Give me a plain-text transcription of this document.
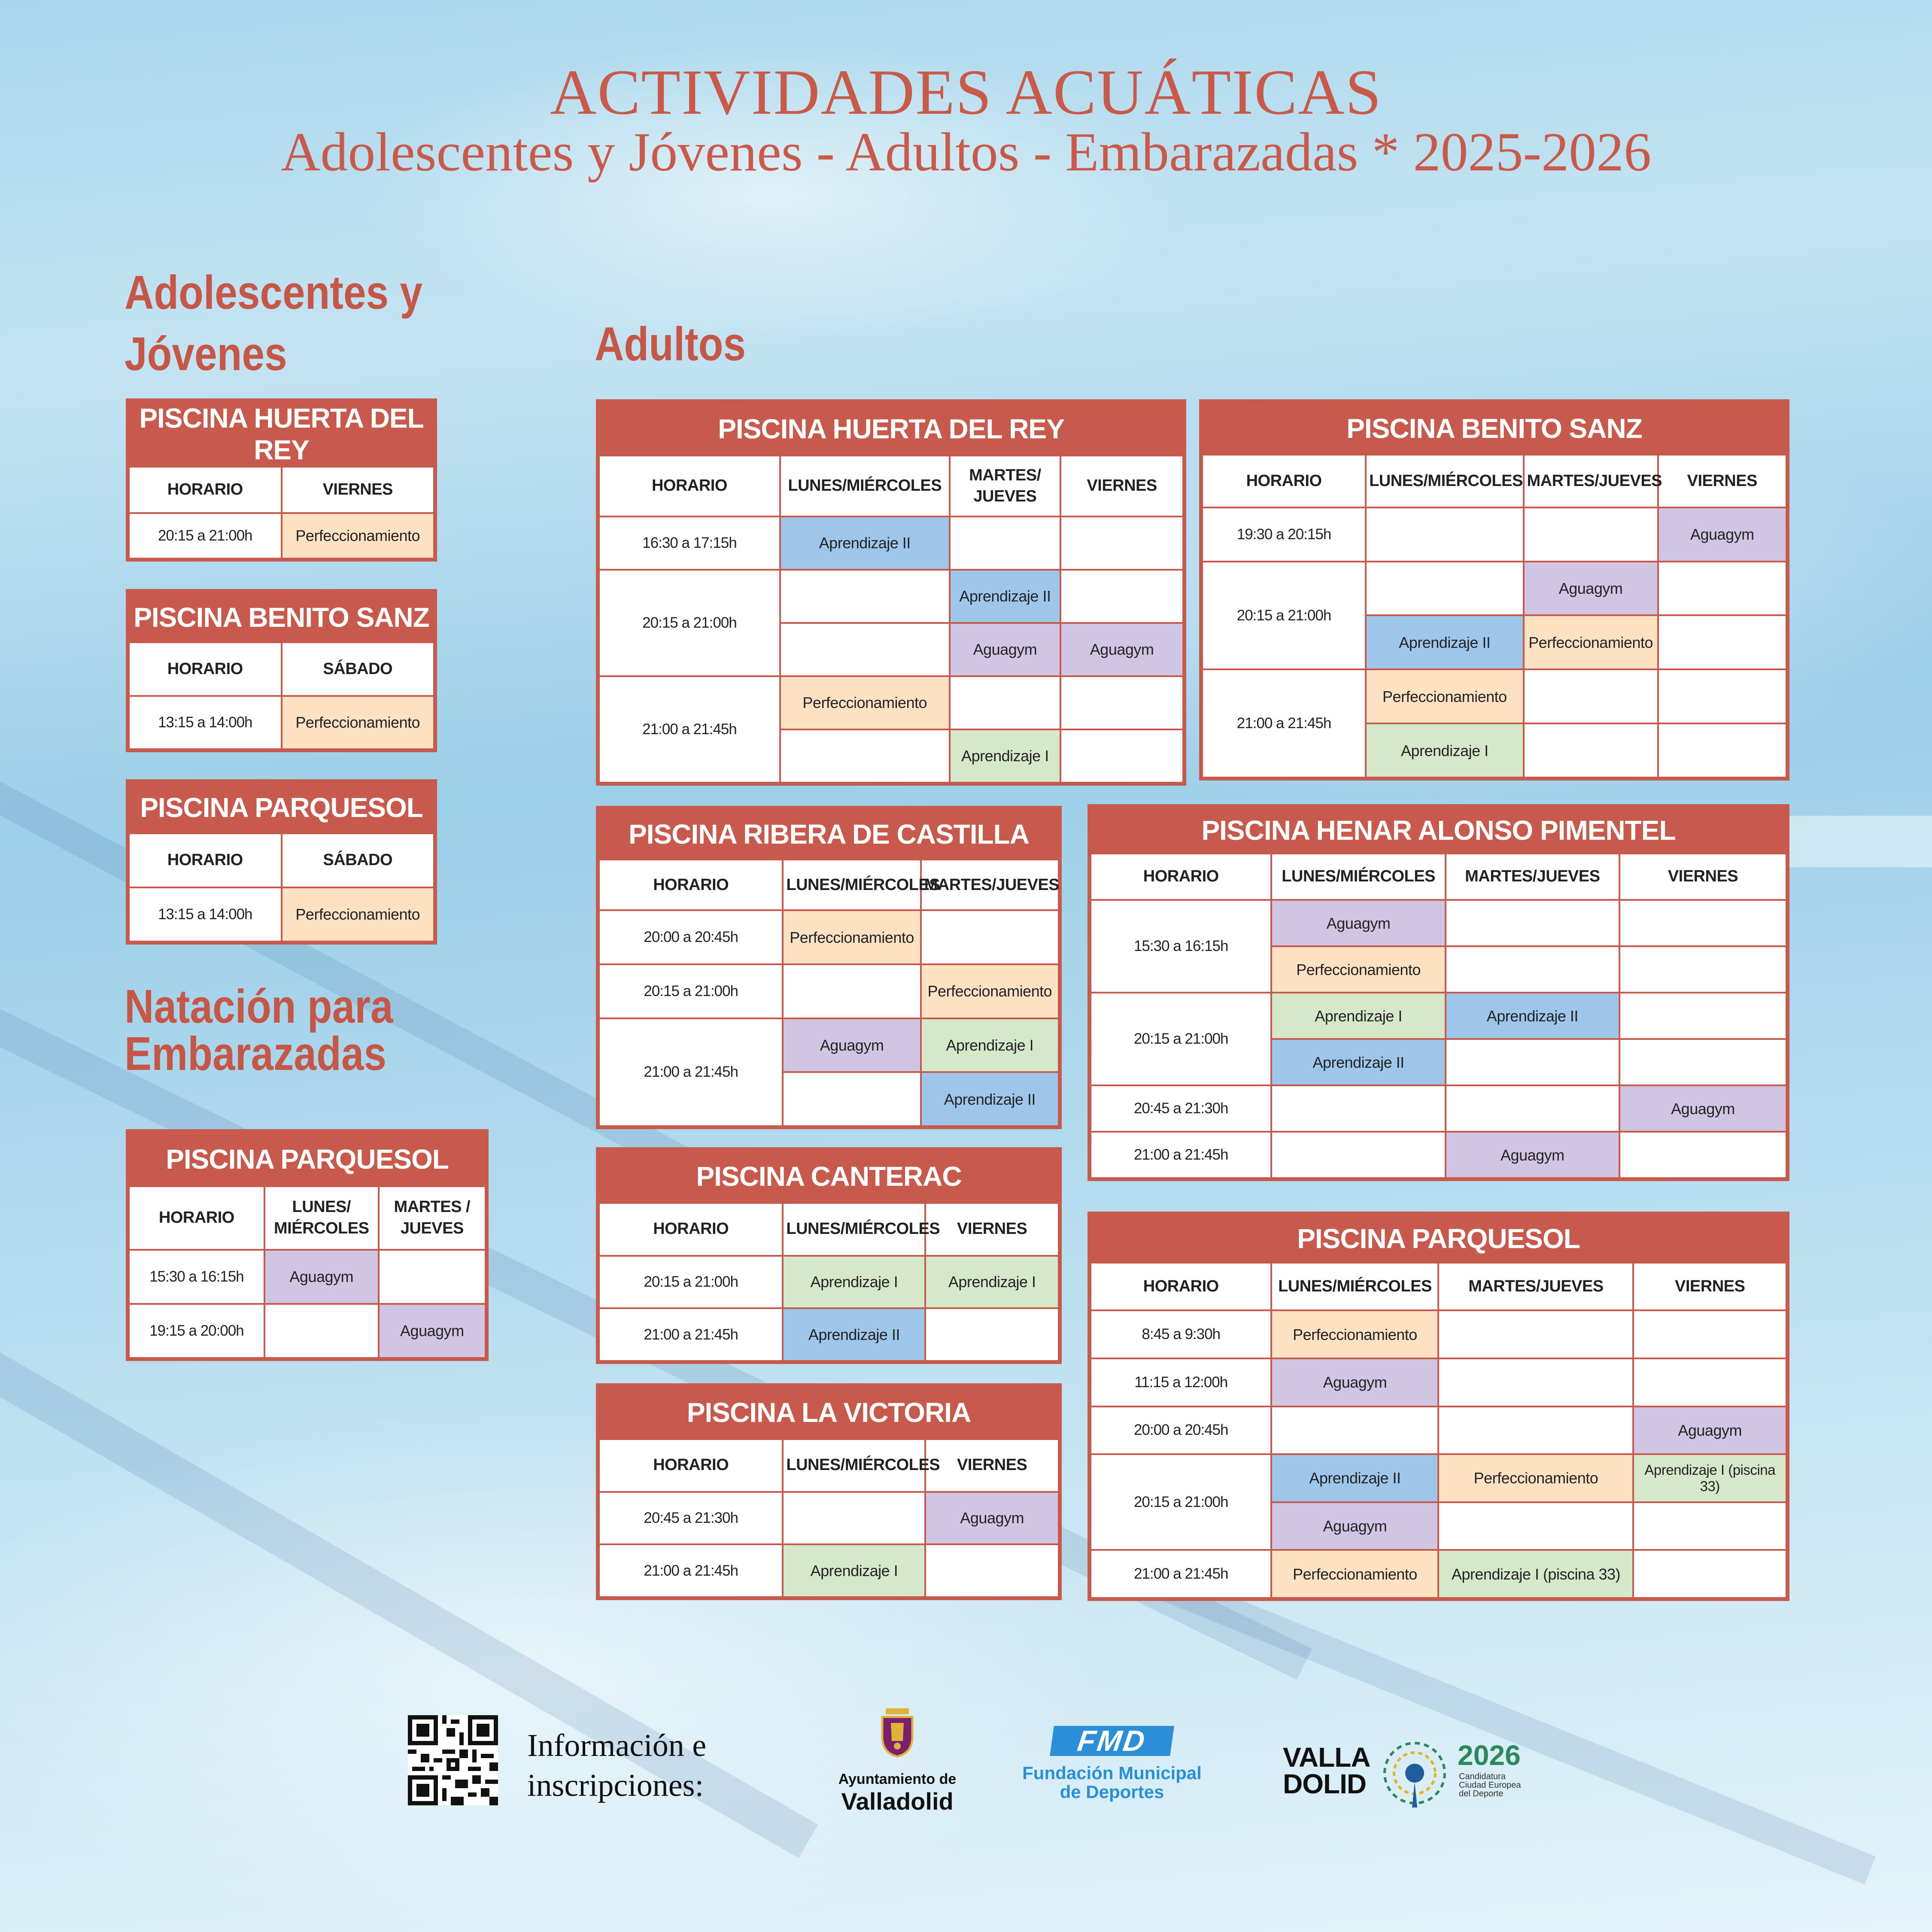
ACTIVIDADES ACUÁTICAS
Adolescentes y Jóvenes - Adultos - Embarazadas * 2025-2026
Adolescentes y
Jóvenes	Adultos
Natación para
Embarazadas
PISCINA HUERTA DEL REY	
HORARIO	VIERNES
20:15 a 21:00h	Perfeccionamiento
PISCINA BENITO SANZ	
HORARIO	SÁBADO
13:15 a 14:00h	Perfeccionamiento
PISCINA PARQUESOL	
HORARIO	SÁBADO
13:15 a 14:00h	Perfeccionamiento
PISCINA PARQUESOL		
HORARIO	LUNES/ MIÉRCOLES	MARTES / JUEVES
15:30 a 16:15h	Aguagym	
19:15 a 20:00h		Aguagym
PISCINA HUERTA DEL REY			
HORARIO	LUNES/MIÉRCOLES	MARTES/ JUEVES	VIERNES
16:30 a 17:15h	Aprendizaje II		
20:15 a 21:00h		Aprendizaje II	
		Aguagym	Aguagym
21:00 a 21:45h	Perfeccionamiento		
		Aprendizaje I	
PISCINA BENITO SANZ			
HORARIO	LUNES/MIÉRCOLES	MARTES/JUEVES	VIERNES
19:30 a 20:15h			Aguagym
20:15 a 21:00h		Aguagym	
	Aprendizaje II	Perfeccionamiento	
21:00 a 21:45h	Perfeccionamiento		
	Aprendizaje I		
PISCINA RIBERA DE CASTILLA		
HORARIO	LUNES/MIÉRCOLES	MARTES/JUEVES
20:00 a 20:45h	Perfeccionamiento	
20:15 a 21:00h		Perfeccionamiento
21:00 a 21:45h	Aguagym	Aprendizaje I
		Aprendizaje II
PISCINA CANTERAC		
HORARIO	LUNES/MIÉRCOLES	VIERNES
20:15 a 21:00h	Aprendizaje I	Aprendizaje I
21:00 a 21:45h	Aprendizaje II	
PISCINA LA VICTORIA		
HORARIO	LUNES/MIÉRCOLES	VIERNES
20:45 a 21:30h		Aguagym
21:00 a 21:45h	Aprendizaje I	
PISCINA HENAR ALONSO PIMENTEL			
HORARIO	LUNES/MIÉRCOLES	MARTES/JUEVES	VIERNES
15:30 a 16:15h	Aguagym		
	Perfeccionamiento		
20:15 a 21:00h	Aprendizaje I	Aprendizaje II	
	Aprendizaje II		
20:45 a 21:30h			Aguagym
21:00 a 21:45h		Aguagym	
PISCINA PARQUESOL			
HORARIO	LUNES/MIÉRCOLES	MARTES/JUEVES	VIERNES
8:45 a 9:30h	Perfeccionamiento		
11:15 a 12:00h	Aguagym		
20:00 a 20:45h			Aguagym
20:15 a 21:00h	Aprendizaje II	Perfeccionamiento	Aprendizaje I (piscina 33)
	Aguagym		
21:00 a 21:45h	Perfeccionamiento	Aprendizaje I (piscina 33)	
Información e
inscripciones:	Ayuntamiento de
Valladolid
FMD
Fundación Municipal
de Deportes
VALLA
DOLID
2026
Candidatura
Ciudad Europea
del Deporte
